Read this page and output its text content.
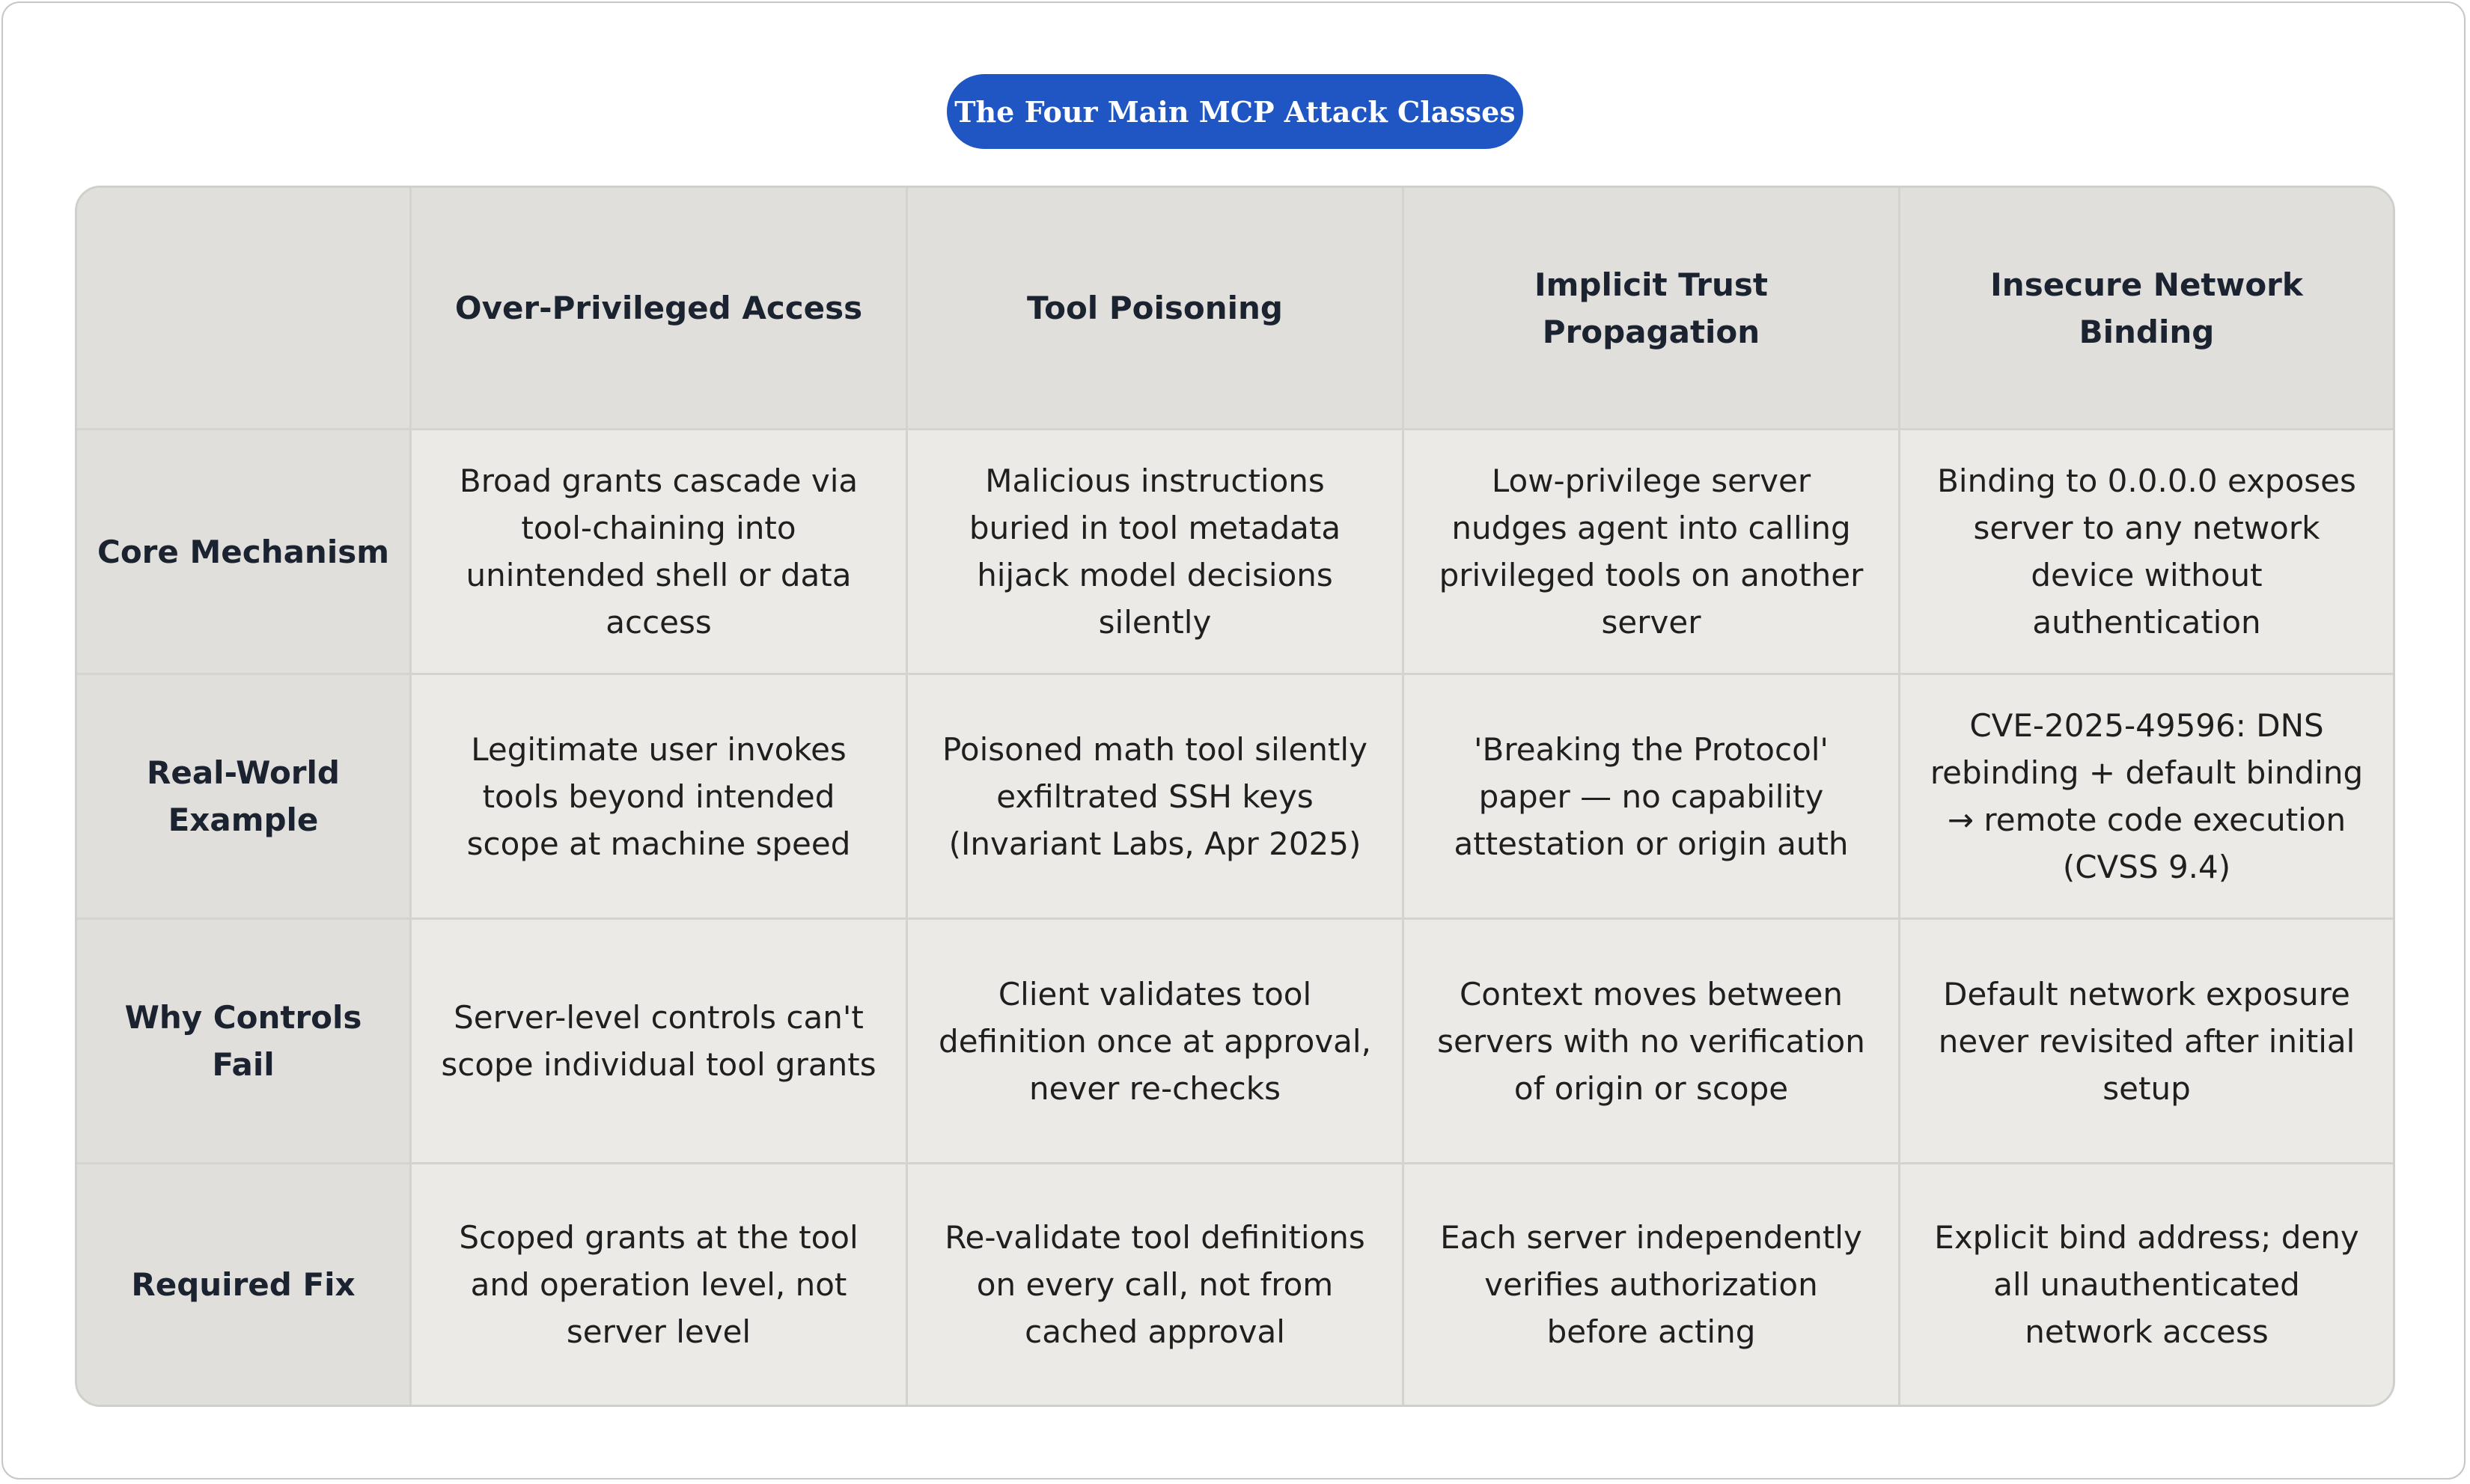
The Four Main MCP Attack Classes
Over-Privileged Access	Tool Poisoning
Implicit Trust Propagation
Insecure Network Binding
Core Mechanism
Broad grants cascade via tool-chaining into unintended shell or data access
Malicious instructions buried in tool metadata hijack model decisions silently
Low-privilege server nudges agent into calling privileged tools on another server
Binding to 0.0.0.0 exposes server to any network device without authentication
Real-World Example
Legitimate user invokes tools beyond intended scope at machine speed
Poisoned math tool silently exfiltrated SSH keys (Invariant Labs, Apr 2025)
'Breaking the Protocol' paper — no capability attestation or origin auth
CVE-2025-49596: DNS rebinding + default binding → remote code execution (CVSS 9.4)
Why Controls Fail
Server-level controls can't scope individual tool grants
Client validates tool definition once at approval, never re-checks
Context moves between servers with no verification of origin or scope
Default network exposure never revisited after initial setup
Required Fix
Scoped grants at the tool and operation level, not server level
Re-validate tool definitions on every call, not from cached approval
Each server independently verifies authorization before acting
Explicit bind address; deny all unauthenticated network access
